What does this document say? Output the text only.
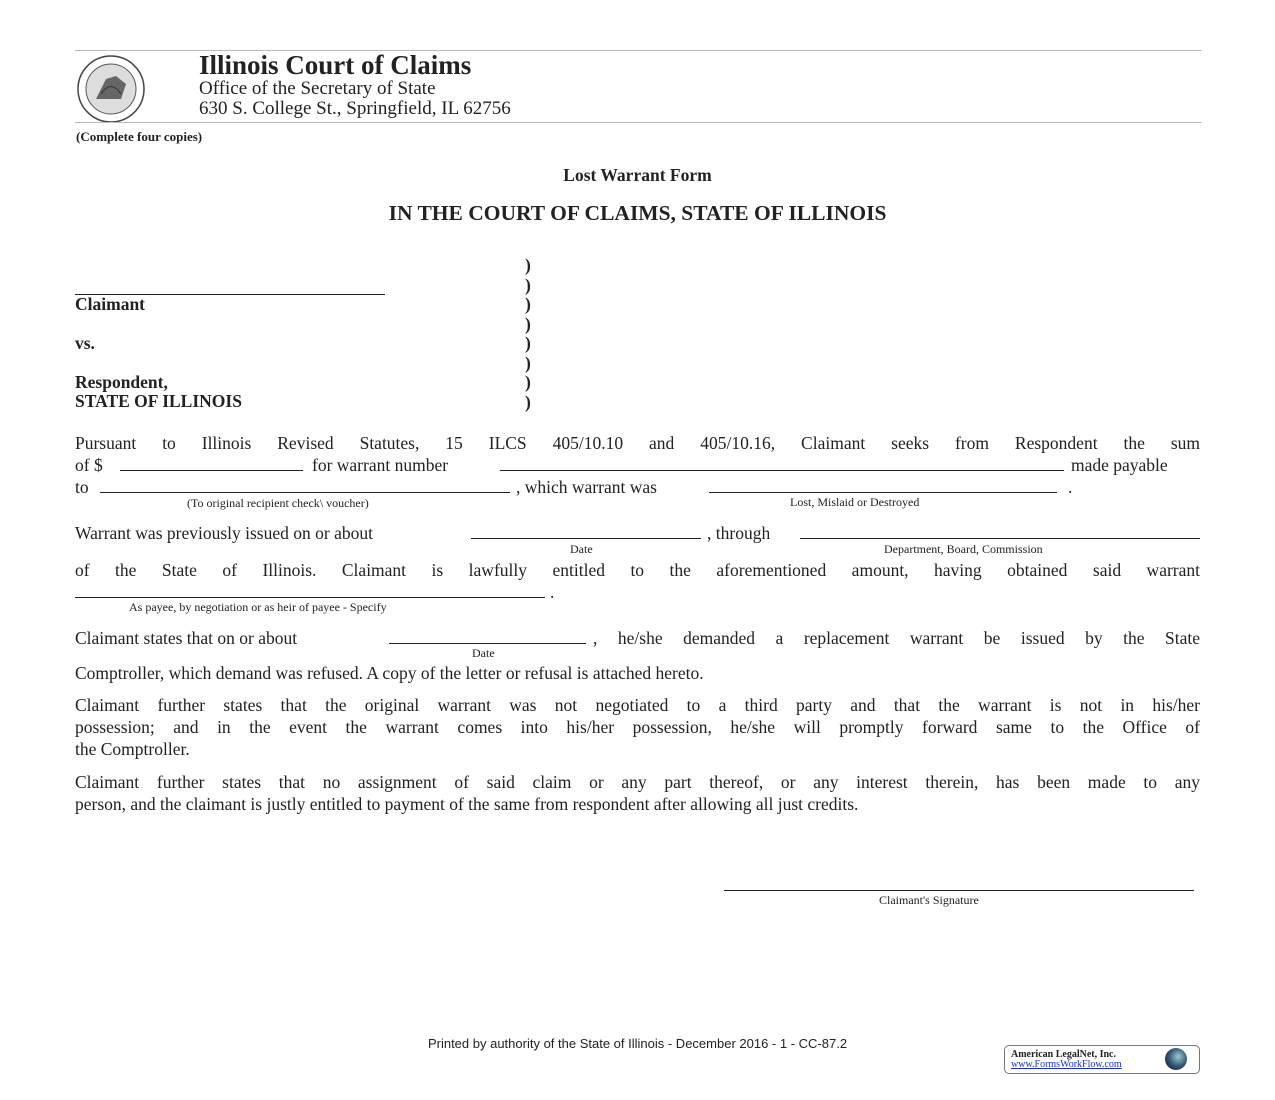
Illinois Court of Claims
Office of the Secretary of State
630 S. College St., Springfield, IL 62756
(Complete four copies)
Lost Warrant Form
IN THE COURT OF CLAIMS, STATE OF ILLINOIS
Claimant
vs.
Respondent,
STATE OF ILLINOIS
)
)
)
)
)
)
)
)
Pursuant to Illinois Revised Statutes, 15 ILCS 405/10.10 and 405/10.16, Claimant seeks from Respondent the sum
of $	for warrant number	made payable
to	, which warrant was	.
(To original recipient check\ voucher)	Lost, Mislaid or Destroyed
Warrant was previously issued on or about	, through
Date	Department, Board, Commission
of the State of Illinois. Claimant is lawfully entitled to the aforementioned amount, having obtained said warrant
.
As payee, by negotiation or as heir of payee - Specify
Claimant states that on or about	, he/she demanded a replacement warrant be issued by the State
Date
Comptroller, which demand was refused. A copy of the letter or refusal is attached hereto.
Claimant further states that the original warrant was not negotiated to a third party and that the warrant is not in his/her
possession; and in the event the warrant comes into his/her possession, he/she will promptly forward same to the Office of
the Comptroller.
Claimant further states that no assignment of said claim or any part thereof, or any interest therein, has been made to any
person, and the claimant is justly entitled to payment of the same from respondent after allowing all just credits.
Claimant's Signature
Printed by authority of the State of Illinois - December 2016 - 1 - CC-87.2
American LegalNet, Inc.
www.FormsWorkFlow.com
